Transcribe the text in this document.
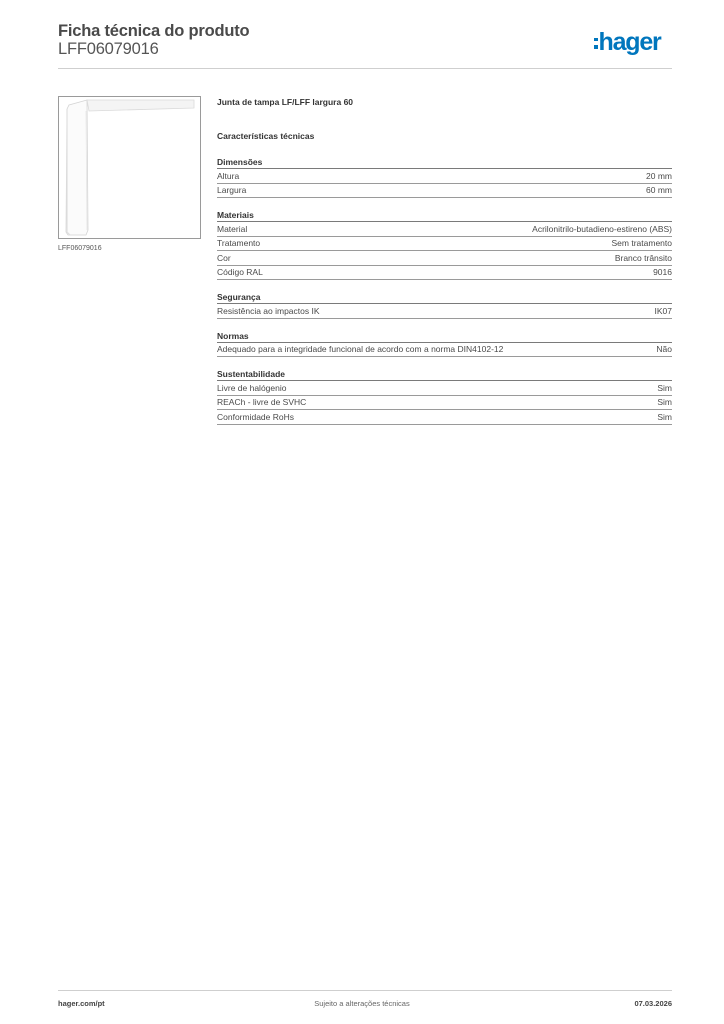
Ficha técnica do produto
LFF06079016	hager
LFF06079016
Junta de tampa LF/LFF largura 60
Características técnicas
Dimensões
Altura	20 mm
Largura	60 mm
Materiais
Material	Acrilonitrilo-butadieno-estireno (ABS)
Tratamento	Sem tratamento
Cor	Branco trânsito
Código RAL	9016
Segurança
Resistência ao impactos IK	IK07
Normas
Adequado para a integridade funcional de acordo com a norma DIN4102-12	Não
Sustentabilidade
Livre de halógenio	Sim
REACh - livre de SVHC	Sim
Conformidade RoHs	Sim
hager.com/pt	Sujeito a alterações técnicas	07.03.2026
